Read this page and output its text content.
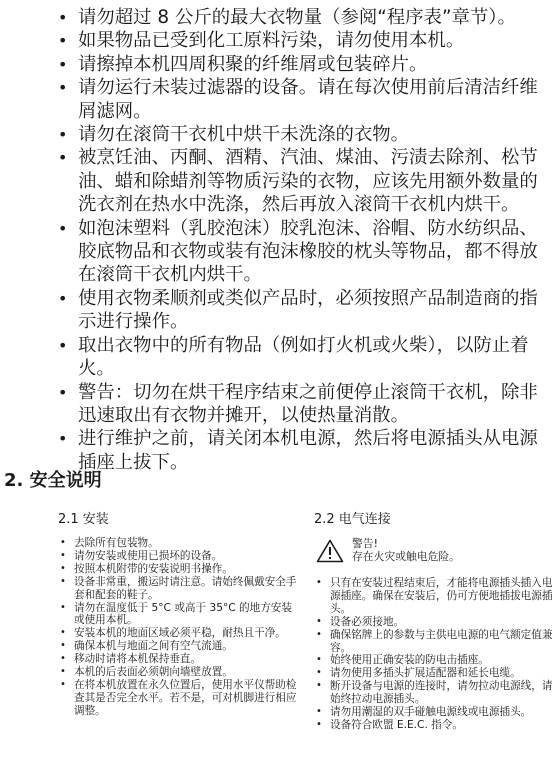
• 请勿超过 8 公斤的最大衣物量（参阅“程序表”章节）。
• 如果物品已受到化工原料污染，请勿使用本机。
• 请擦掉本机四周积聚的纤维屑或包装碎片。
• 请勿运行未装过滤器的设备。请在每次使用前后清洁纤维屑滤网。
• 请勿在滚筒干衣机中烘干未洗涤的衣物。
• 被烹饪油、丙酮、酒精、汽油、煤油、污渍去除剂、松节油、蜡和除蜡剂等物质污染的衣物，应该先用额外数量的洗衣剂在热水中洗涤，然后再放入滚筒干衣机内烘干。
• 如泡沫塑料（乳胶泡沫）胶乳泡沫、浴帽、防水纺织品、胶底物品和衣物或装有泡沫橡胶的枕头等物品，都不得放在滚筒干衣机内烘干。
• 使用衣物柔顺剂或类似产品时，必须按照产品制造商的指示进行操作。
• 取出衣物中的所有物品（例如打火机或火柴），以防止着火。
• 警告：切勿在烘干程序结束之前便停止滚筒干衣机，除非迅速取出有衣物并摊开，以使热量消散。
• 进行维护之前，请关闭本机电源，然后将电源插头从电源插座上拔下。
2. 安全说明
2.1 安装
• 去除所有包装物。
• 请勿安装或使用已损坏的设备。
• 按照本机附带的安装说明书操作。
• 设备非常重，搬运时请注意。请始终佩戴安全手套和配套的鞋子。
• 请勿在温度低于 5°C 或高于 35°C 的地方安装或使用本机。
• 安装本机的地面区域必须平稳，耐热且干净。
• 确保本机与地面之间有空气流通。
• 移动时请将本机保持垂直。
• 本机的后表面必须朝向墙壁放置。
• 在将本机放置在永久位置后，使用水平仪帮助检查其是否完全水平。若不是，可对机脚进行相应调整。
2.2 电气连接
警告!
存在火灾或触电危险。
• 只有在安装过程结束后，才能将电源插头插入电源插座。确保在安装后，仍可方便地插拔电源插头。
• 设备必须接地。
• 确保铭牌上的参数与主供电电源的电气额定值兼容。
• 始终使用正确安装的防电击插座。
• 请勿使用多插头扩展适配器和延长电缆。
• 断开设备与电源的连接时，请勿拉动电源线，请始终拉动电源插头。
• 请勿用潮湿的双手碰触电源线或电源插头。
• 设备符合欧盟 E.E.C. 指令。
